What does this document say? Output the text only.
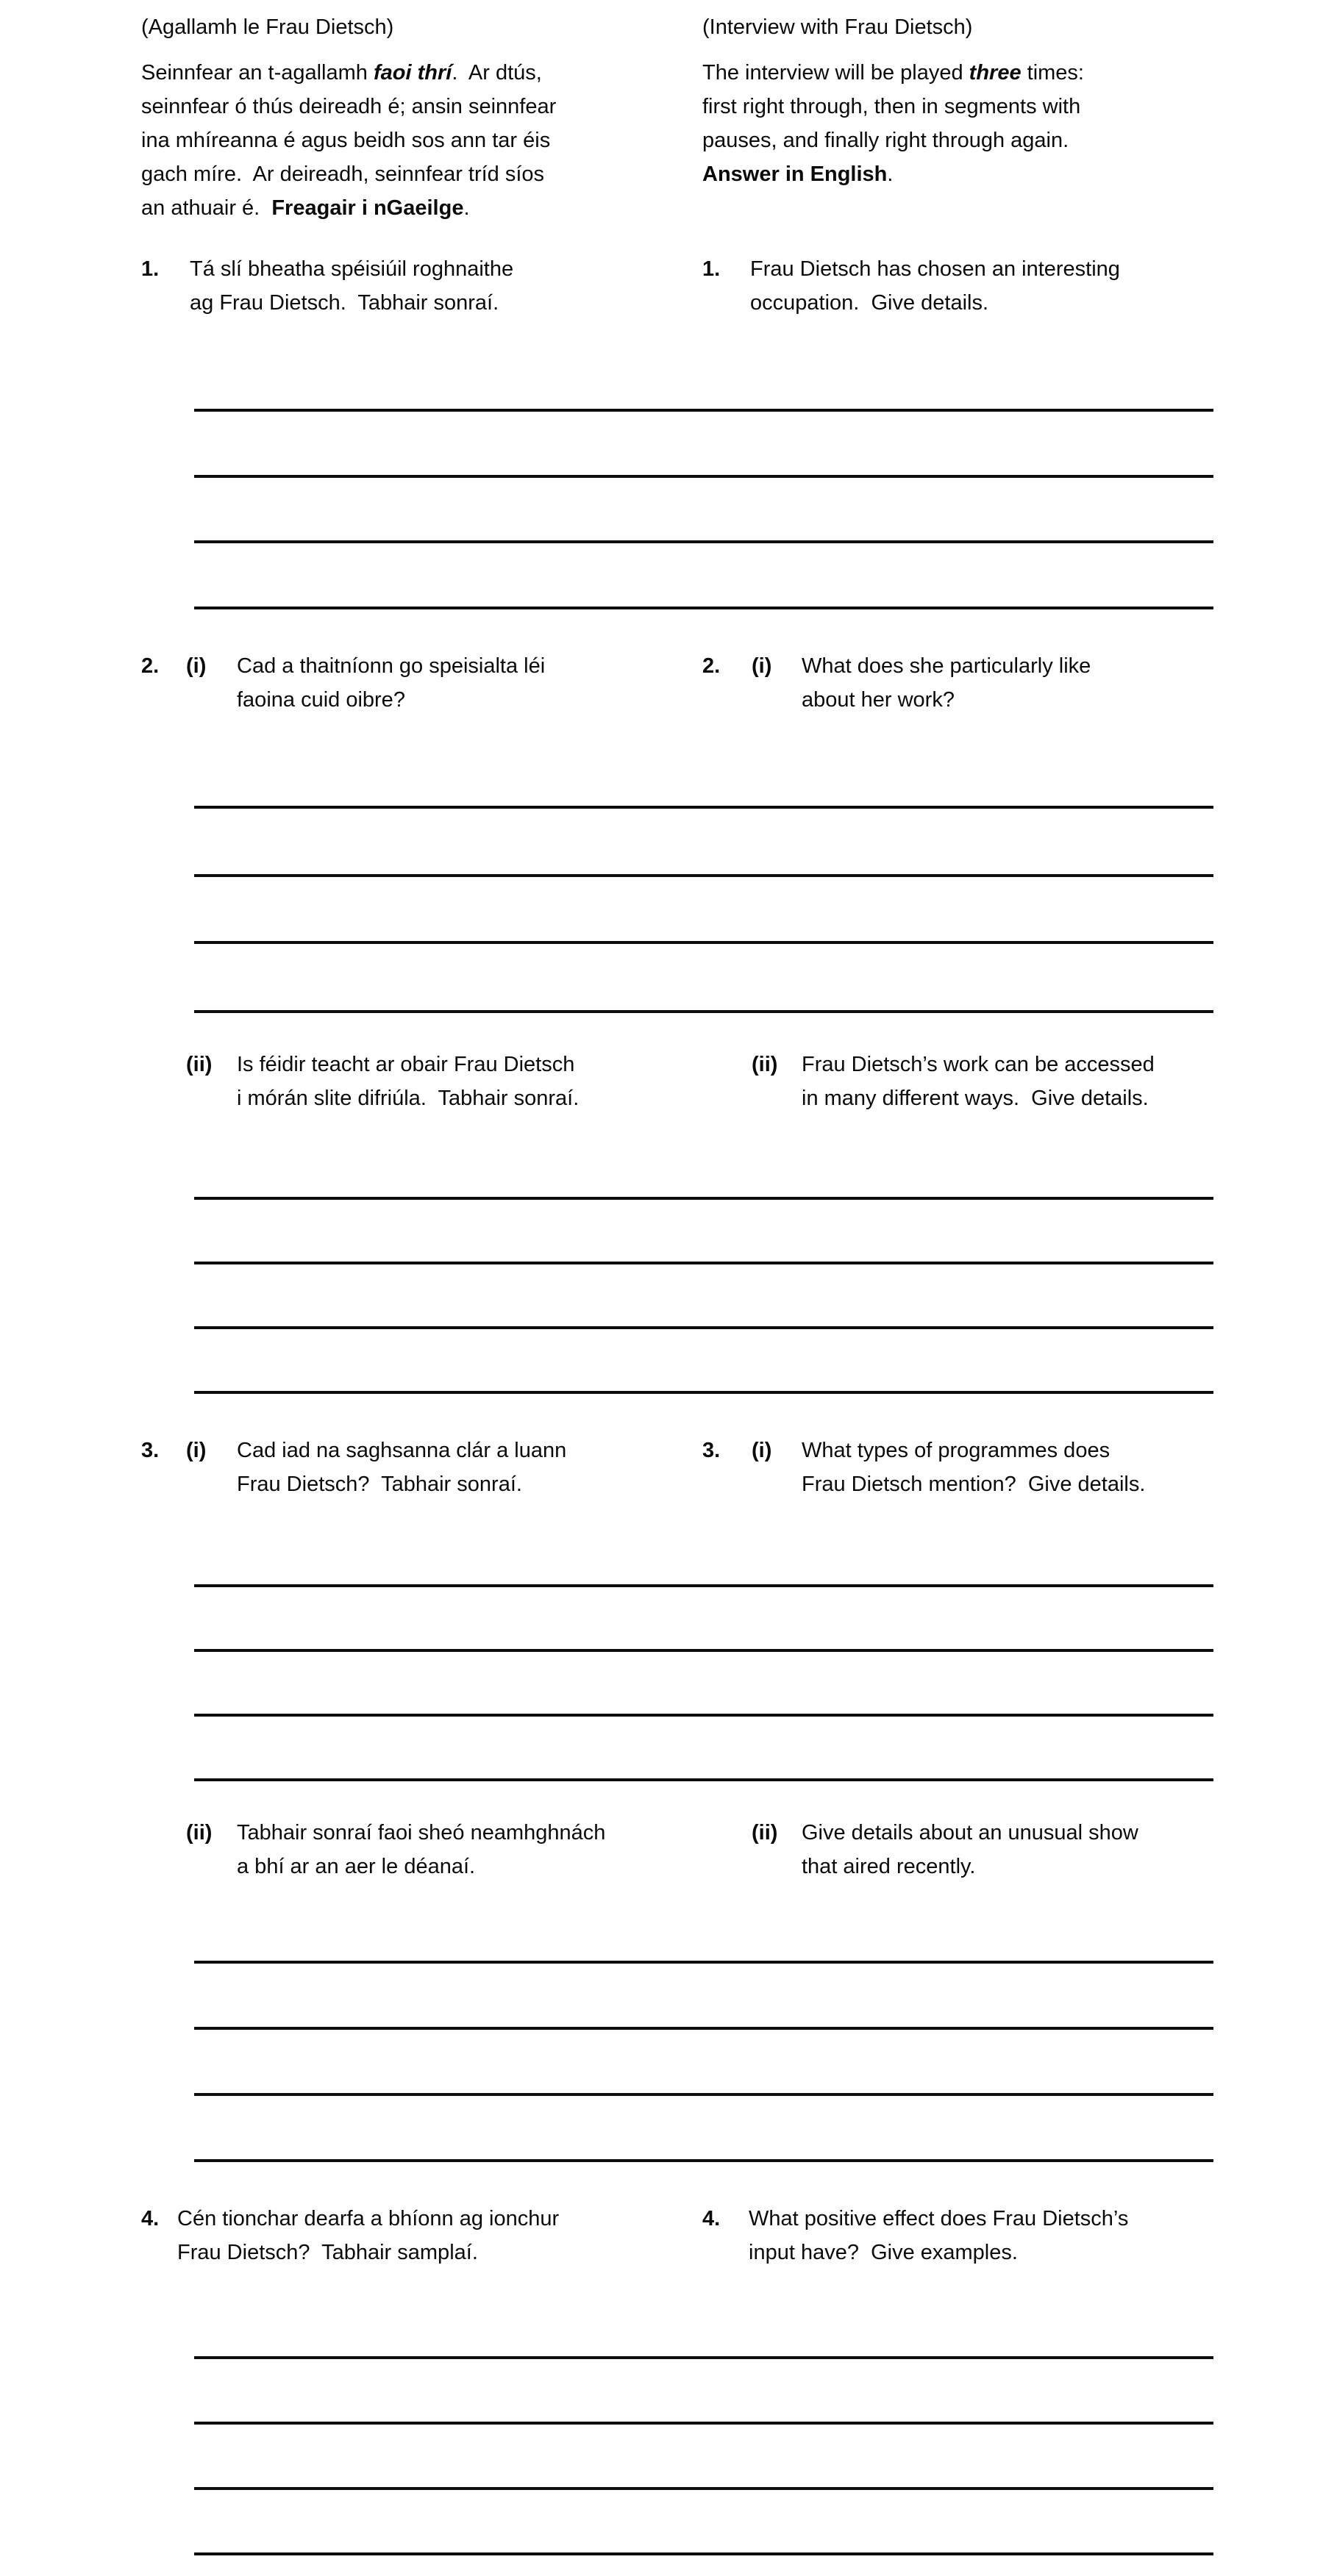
(Agallamh le Frau Dietsch)	(Interview with Frau Dietsch)
Seinnfear an t-agallamh faoi thrí.  Ar dtús,
seinnfear ó thús deireadh é; ansin seinnfear
ina mhíreanna é agus beidh sos ann tar éis
gach míre.  Ar deireadh, seinnfear tríd síos
an athuair é.  Freagair i nGaeilge.
The interview will be played three times:
first right through, then in segments with
pauses, and finally right through again.
Answer in English.
1. Tá slí bheatha spéisiúil roghnaithe
ag Frau Dietsch.  Tabhair sonraí.
1. Frau Dietsch has chosen an interesting
occupation.  Give details.
2. (i) Cad a thaitníonn go speisialta léi
faoina cuid oibre?
2. (i) What does she particularly like
about her work?
(ii) Is féidir teacht ar obair Frau Dietsch
i mórán slite difriúla.  Tabhair sonraí.
(ii) Frau Dietsch’s work can be accessed
in many different ways.  Give details.
3. (i) Cad iad na saghsanna clár a luann
Frau Dietsch?  Tabhair sonraí.
3. (i) What types of programmes does
Frau Dietsch mention?  Give details.
(ii) Tabhair sonraí faoi sheó neamhghnách
a bhí ar an aer le déanaí.
(ii) Give details about an unusual show
that aired recently.
4. Cén tionchar dearfa a bhíonn ag ionchur
Frau Dietsch?  Tabhair samplaí.
4. What positive effect does Frau Dietsch’s
input have?  Give examples.
